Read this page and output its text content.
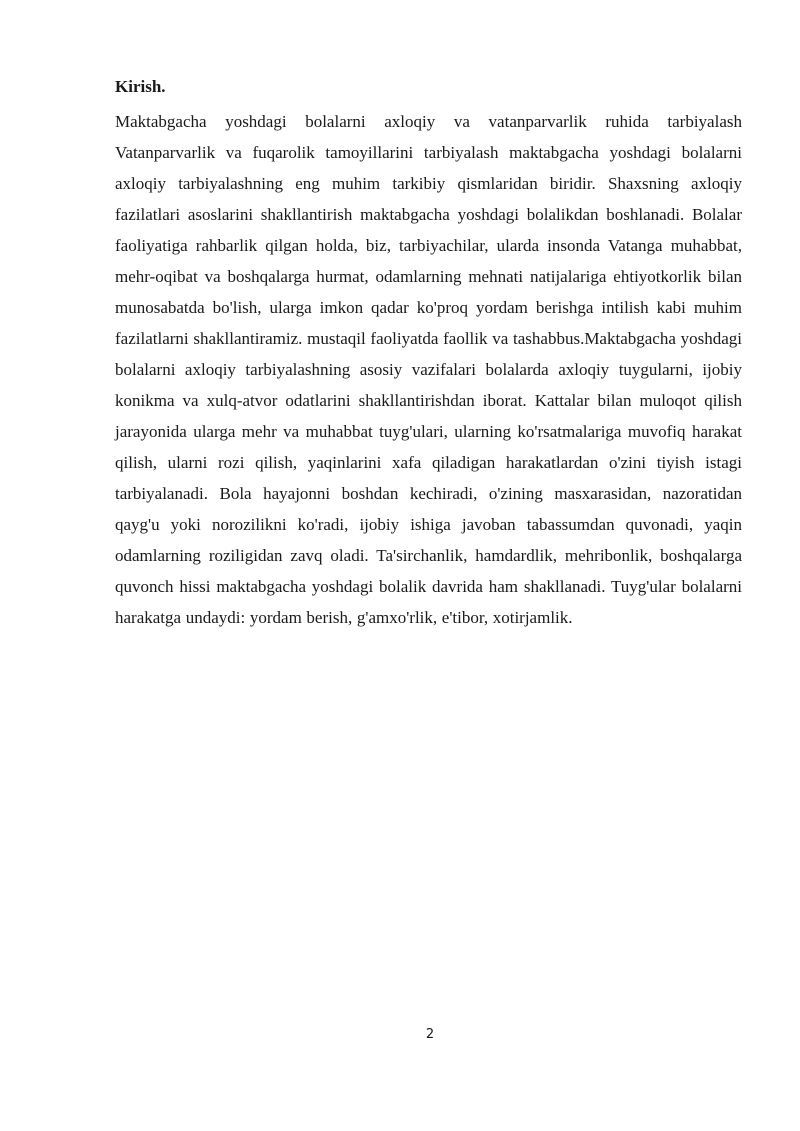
Kirish.

Maktabgacha yoshdagi bolalarni axloqiy va vatanparvarlik ruhida tarbiyalash Vatanparvarlik va fuqarolik tamoyillarini tarbiyalash maktabgacha yoshdagi bolalarni axloqiy tarbiyalashning eng muhim tarkibiy qismlaridan biridir. Shaxsning axloqiy fazilatlari asoslarini shakllantirish maktabgacha yoshdagi bolalikdan boshlanadi. Bolalar faoliyatiga rahbarlik qilgan holda, biz, tarbiyachilar, ularda insonda Vatanga muhabbat, mehr-oqibat va boshqalarga hurmat, odamlarning mehnati natijalariga ehtiyotkorlik bilan munosabatda bo'lish, ularga imkon qadar ko'proq yordam berishga intilish kabi muhim fazilatlarni shakllantiramiz. mustaqil faoliyatda faollik va tashabbus.Maktabgacha yoshdagi bolalarni axloqiy tarbiyalashning asosiy vazifalari bolalarda axloqiy tuygularni, ijobiy konikma va xulq-atvor odatlarini shakllantirishdan iborat. Kattalar bilan muloqot qilish jarayonida ularga mehr va muhabbat tuyg'ulari, ularning ko'rsatmalariga muvofiq harakat qilish, ularni rozi qilish, yaqinlarini xafa qiladigan harakatlardan o'zini tiyish istagi tarbiyalanadi. Bola hayajonni boshdan kechiradi, o'zining masxarasidan, nazoratidan qayg'u yoki norozilikni ko'radi, ijobiy ishiga javoban tabassumdan quvonadi, yaqin odamlarning roziligidan zavq oladi. Ta'sirchanlik, hamdardlik, mehribonlik, boshqalarga quvonch hissi maktabgacha yoshdagi bolalik davrida ham shakllanadi. Tuyg'ular bolalarni harakatga undaydi: yordam berish, g'amxo'rlik, e'tibor, xotirjamlik.

2
